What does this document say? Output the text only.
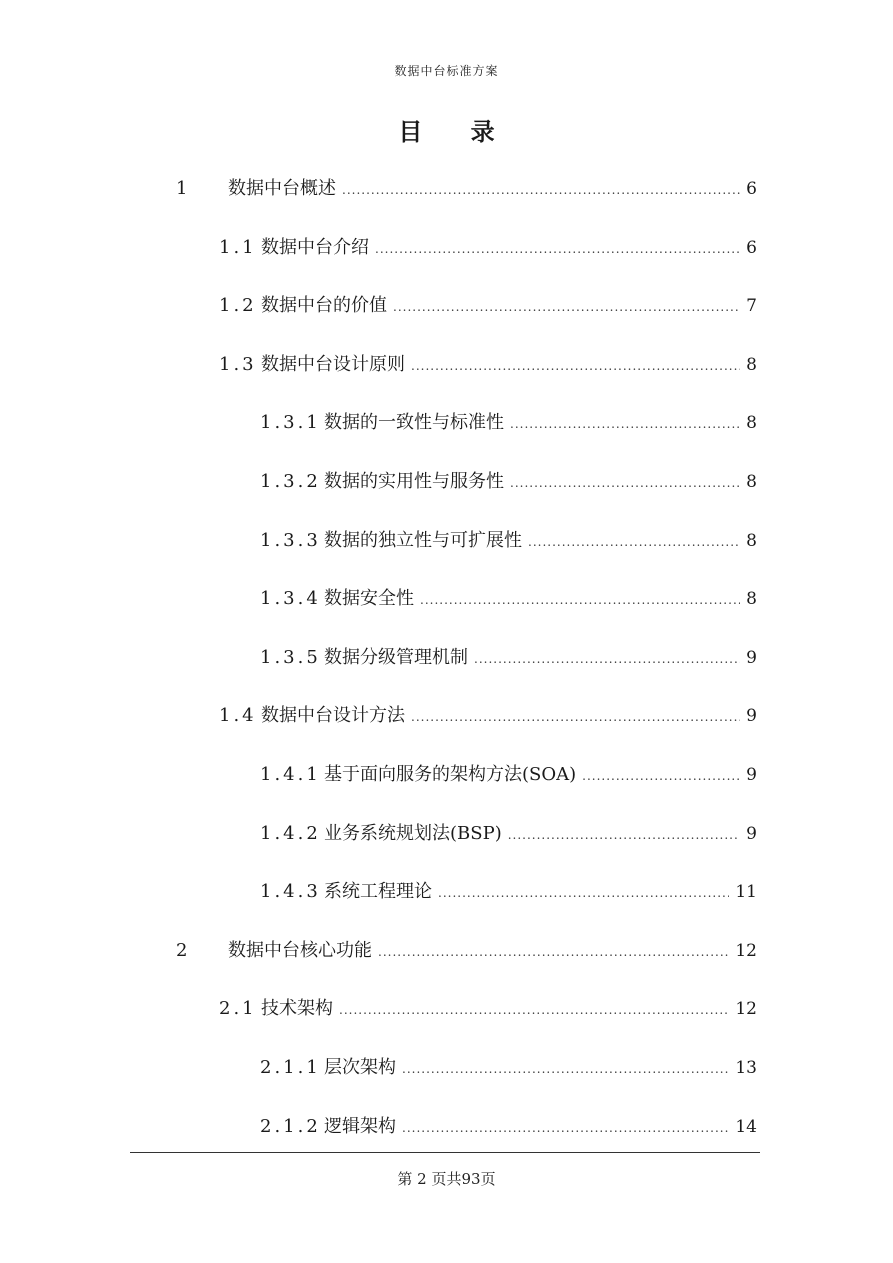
数据中台标准方案
目 录
1	数据中台概述 .....	6
1.1 数据中台介绍 .....	6
1.2 数据中台的价值 .....	7
1.3 数据中台设计原则 .....	8
1.3.1 数据的一致性与标准性 .....	8
1.3.2 数据的实用性与服务性 .....	8
1.3.3 数据的独立性与可扩展性 .....	8
1.3.4 数据安全性 .....	8
1.3.5 数据分级管理机制 .....	9
1.4 数据中台设计方法 .....	9
1.4.1 基于面向服务的架构方法(SOA) .....	9
1.4.2 业务系统规划法(BSP) .....	9
1.4.3 系统工程理论 .....	11
2	数据中台核心功能 .....	12
2.1 技术架构 .....	12
2.1.1 层次架构 .....	13
2.1.2 逻辑架构 .....	14
第 2 页共93页
